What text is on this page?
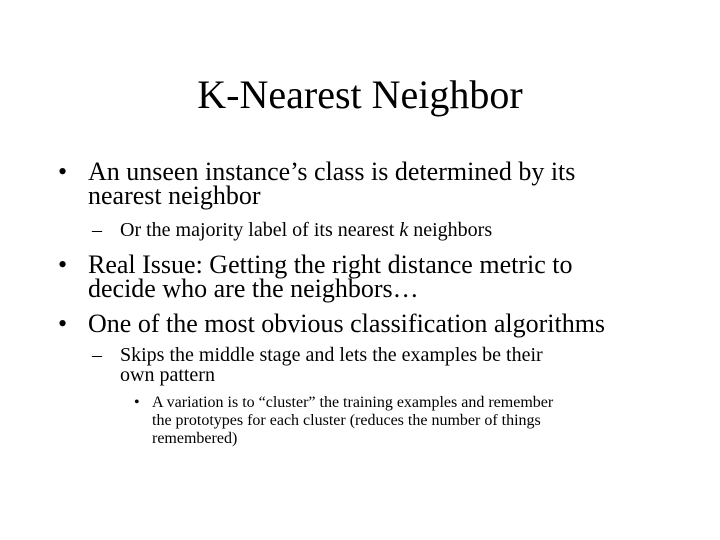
K-Nearest Neighbor
• An unseen instance’s class is determined by its
nearest neighbor
– Or the majority label of its nearest k neighbors
• Real Issue: Getting the right distance metric to
decide who are the neighbors…
• One of the most obvious classification algorithms
– Skips the middle stage and lets the examples be their
own pattern
• A variation is to “cluster” the training examples and remember
the prototypes for each cluster (reduces the number of things
remembered)
